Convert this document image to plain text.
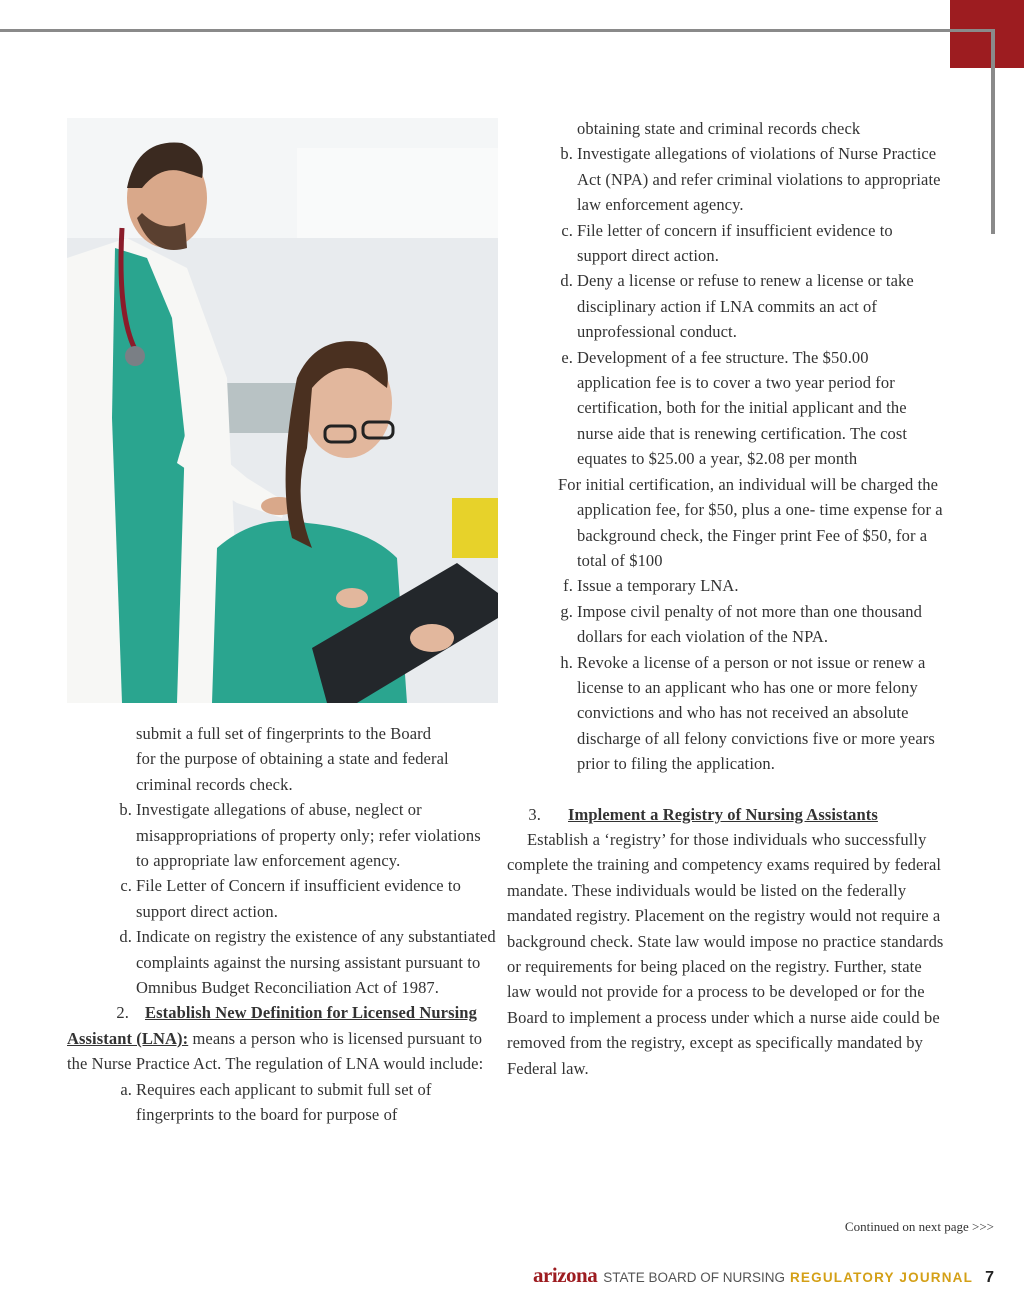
submit a full set of fingerprints to the Board
for the purpose of obtaining a state and federal
criminal records check.
b. Investigate allegations of abuse, neglect or misappropriations of property only; refer violations to appropriate law enforcement agency.
c. File Letter of Concern if insufficient evidence to support direct action.
d. Indicate on registry the existence of any substantiated complaints against the nursing assistant pursuant to Omnibus Budget Reconciliation Act of 1987.

2. Establish New Definition for Licensed Nursing Assistant (LNA): means a person who is licensed pursuant to the Nurse Practice Act. The regulation of LNA would include:

a. Requires each applicant to submit full set of fingerprints to the board for purpose of
obtaining state and criminal records check
b. Investigate allegations of violations of Nurse Practice Act (NPA) and refer criminal violations to appropriate law enforcement agency.
c. File letter of concern if insufficient evidence to support direct action.
d. Deny a license or refuse to renew a license or take disciplinary action if LNA commits an act of unprofessional conduct.
e. Development of a fee structure. The $50.00 application fee is to cover a two year period for certification, both for the initial applicant and the nurse aide that is renewing certification. The cost equates to $25.00 a year, $2.08 per month

For initial certification, an individual will be charged the application fee, for $50, plus a one- time expense for a background check, the Finger print Fee of $50, for a total of $100

f. Issue a temporary LNA.
g. Impose civil penalty of not more than one thousand dollars for each violation of the NPA.
h. Revoke a license of a person or not issue or renew a license to an applicant who has one or more felony convictions and who has not received an absolute discharge of all felony convictions five or more years prior to filing the application.

3. Implement a Registry of Nursing Assistants

Establish a ‘registry’ for those individuals who successfully complete the training and competency exams required by federal mandate. These individuals would be listed on the federally mandated registry. Placement on the registry would not require a background check. State law would impose no practice standards or requirements for being placed on the registry. Further, state law would not provide for a process to be developed or for the Board to implement a process under which a nurse aide could be removed from the registry, except as specifically mandated by Federal law.

Continued on next page >>>
arizona STATE BOARD OF NURSING REGULATORY JOURNAL 7
